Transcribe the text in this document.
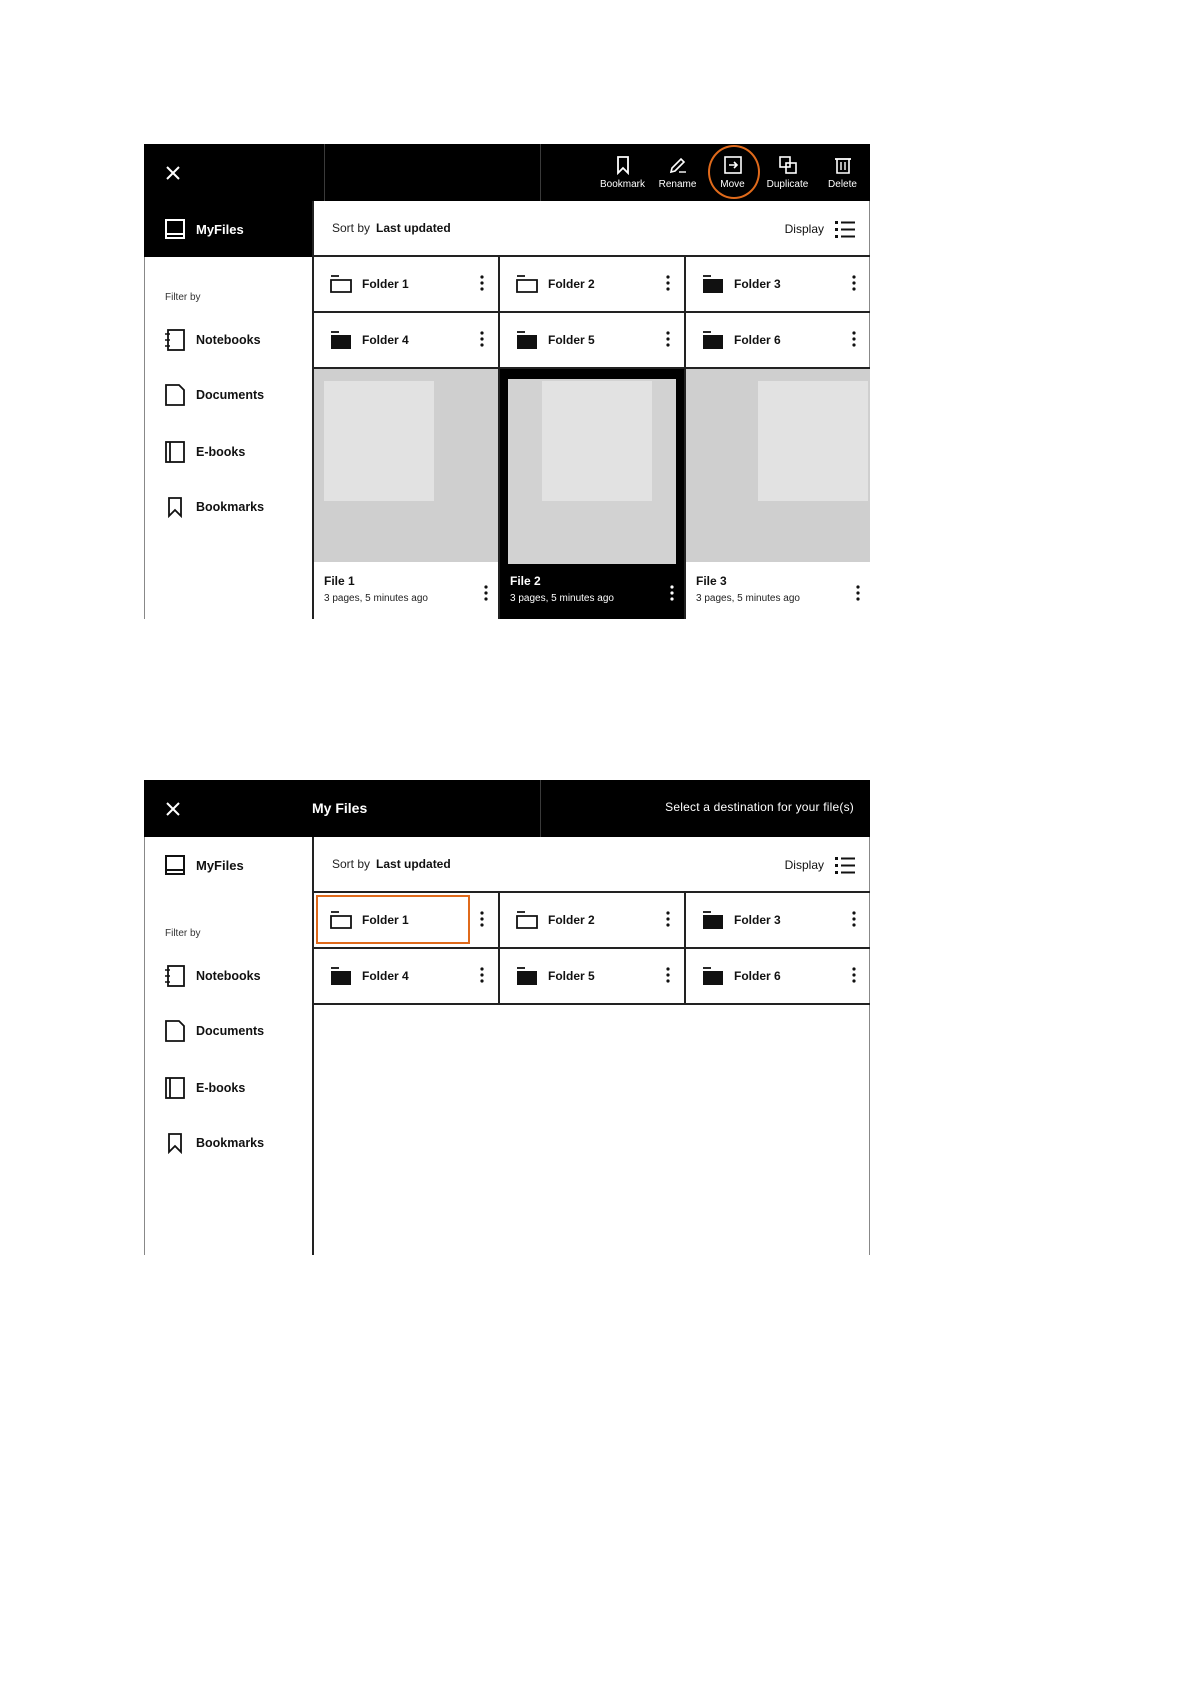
Bookmark Rename Move Duplicate Delete
MyFiles
Filter by
Notebooks
Documents
E-books
Bookmarks
Sort by Last updated	Display
Folder 1	Folder 2	Folder 3
Folder 4	Folder 5	Folder 6
File 1
3 pages, 5 minutes ago
File 2
3 pages, 5 minutes ago
File 3
3 pages, 5 minutes ago
My Files	Select a destination for your file(s)
MyFiles
Filter by
Notebooks
Documents
E-books
Bookmarks
Sort by Last updated	Display
Folder 1	Folder 2	Folder 3
Folder 4	Folder 5	Folder 6
